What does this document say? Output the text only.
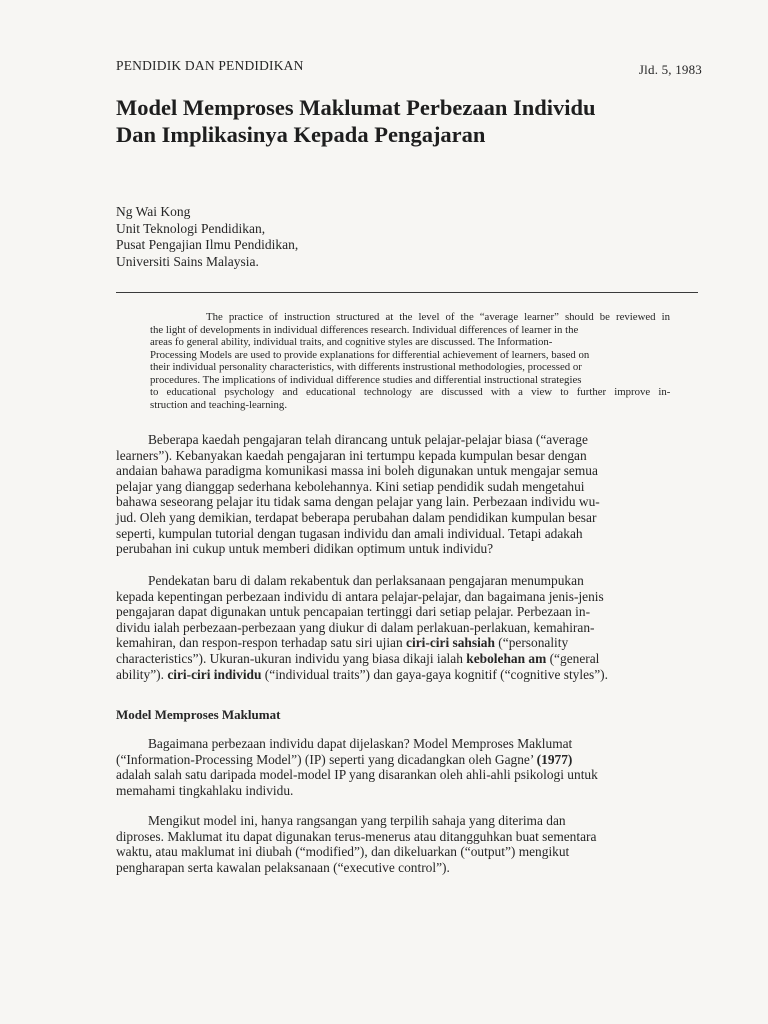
PENDIDIK DAN PENDIDIKAN	Jld. 5, 1983
Model Memproses Maklumat Perbezaan Individu
Dan Implikasinya Kepada Pengajaran
Ng Wai Kong
Unit Teknologi Pendidikan,
Pusat Pengajian Ilmu Pendidikan,
Universiti Sains Malaysia.
The practice of instruction structured at the level of the “average learner” should be reviewed in
the light of developments in individual differences research. Individual differences of learner in the
areas fo general ability, individual traits, and cognitive styles are discussed. The Information-
Processing Models are used to provide explanations for differential achievement of learners, based on
their individual personality characteristics, with differents instrustional methodologies, processed or
procedures. The implications of individual difference studies and differential instructional strategies
to educational psychology and educational technology are discussed with a view to further improve in-
struction and teaching-learning.
Beberapa kaedah pengajaran telah dirancang untuk pelajar-pelajar biasa (“average
learners”). Kebanyakan kaedah pengajaran ini tertumpu kepada kumpulan besar dengan
andaian bahawa paradigma komunikasi massa ini boleh digunakan untuk mengajar semua
pelajar yang dianggap sederhana kebolehannya. Kini setiap pendidik sudah mengetahui
bahawa seseorang pelajar itu tidak sama dengan pelajar yang lain. Perbezaan individu wu-
jud. Oleh yang demikian, terdapat beberapa perubahan dalam pendidikan kumpulan besar
seperti, kumpulan tutorial dengan tugasan individu dan amali individual. Tetapi adakah
perubahan ini cukup untuk memberi didikan optimum untuk individu?
Pendekatan baru di dalam rekabentuk dan perlaksanaan pengajaran menumpukan
kepada kepentingan perbezaan individu di antara pelajar-pelajar, dan bagaimana jenis-jenis
pengajaran dapat digunakan untuk pencapaian tertinggi dari setiap pelajar. Perbezaan in-
dividu ialah perbezaan-perbezaan yang diukur di dalam perlakuan-perlakuan, kemahiran-
kemahiran, dan respon-respon terhadap satu siri ujian ciri-ciri sahsiah (“personality
characteristics”). Ukuran-ukuran individu yang biasa dikaji ialah kebolehan am (“general
ability”). ciri-ciri individu (“individual traits”) dan gaya-gaya kognitif (“cognitive styles”).
Model Memproses Maklumat
Bagaimana perbezaan individu dapat dijelaskan? Model Memproses Maklumat
(“Information-Processing Model”) (IP) seperti yang dicadangkan oleh Gagne’ (1977)
adalah salah satu daripada model-model IP yang disarankan oleh ahli-ahli psikologi untuk
memahami tingkahlaku individu.
Mengikut model ini, hanya rangsangan yang terpilih sahaja yang diterima dan
diproses. Maklumat itu dapat digunakan terus-menerus atau ditangguhkan buat sementara
waktu, atau maklumat ini diubah (“modified”), dan dikeluarkan (“output”) mengikut
pengharapan serta kawalan pelaksanaan (“executive control”).
